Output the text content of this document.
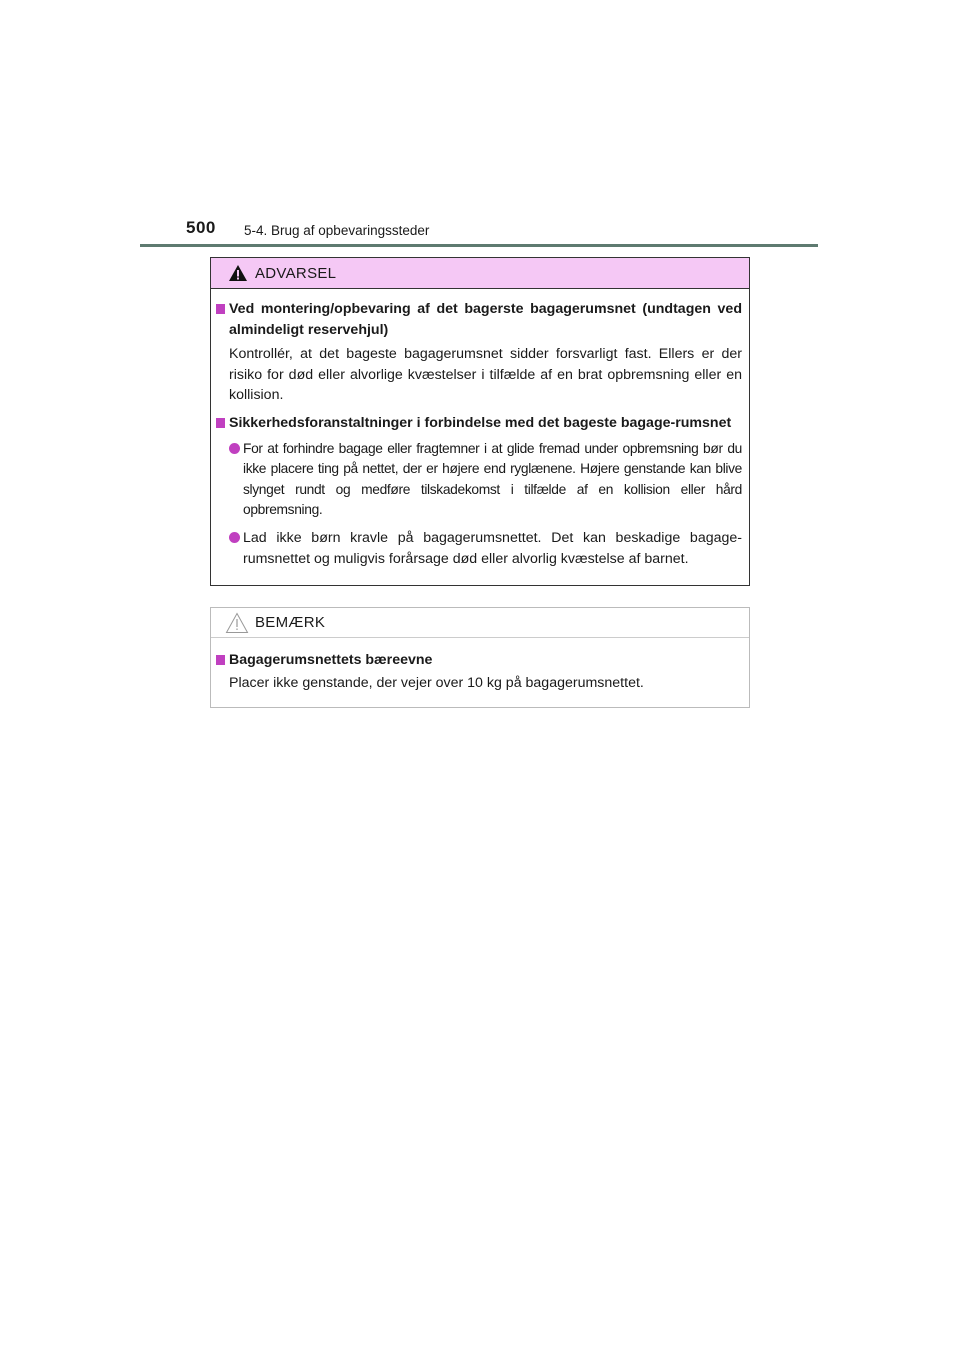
500 5-4. Brug af opbevaringssteder
ADVARSEL
Ved montering/opbevaring af det bagerste bagagerumsnet (undtagen ved almindeligt reservehjul)
Kontrollér, at det bageste bagagerumsnet sidder forsvarligt fast. Ellers er der risiko for død eller alvorlige kvæstelser i tilfælde af en brat opbremsning eller en kollision.
Sikkerhedsforanstaltninger i forbindelse med det bageste bagage-rumsnet
For at forhindre bagage eller fragtemner i at glide fremad under opbremsning bør du ikke placere ting på nettet, der er højere end ryglænene. Højere genstande kan blive slynget rundt og medføre tilskadekomst i tilfælde af en kollision eller hård opbremsning.
Lad ikke børn kravle på bagagerumsnettet. Det kan beskadige bagage-rumsnettet og muligvis forårsage død eller alvorlig kvæstelse af barnet.
BEMÆRK
Bagagerumsnettets bæreevne
Placer ikke genstande, der vejer over 10 kg på bagagerumsnettet.
